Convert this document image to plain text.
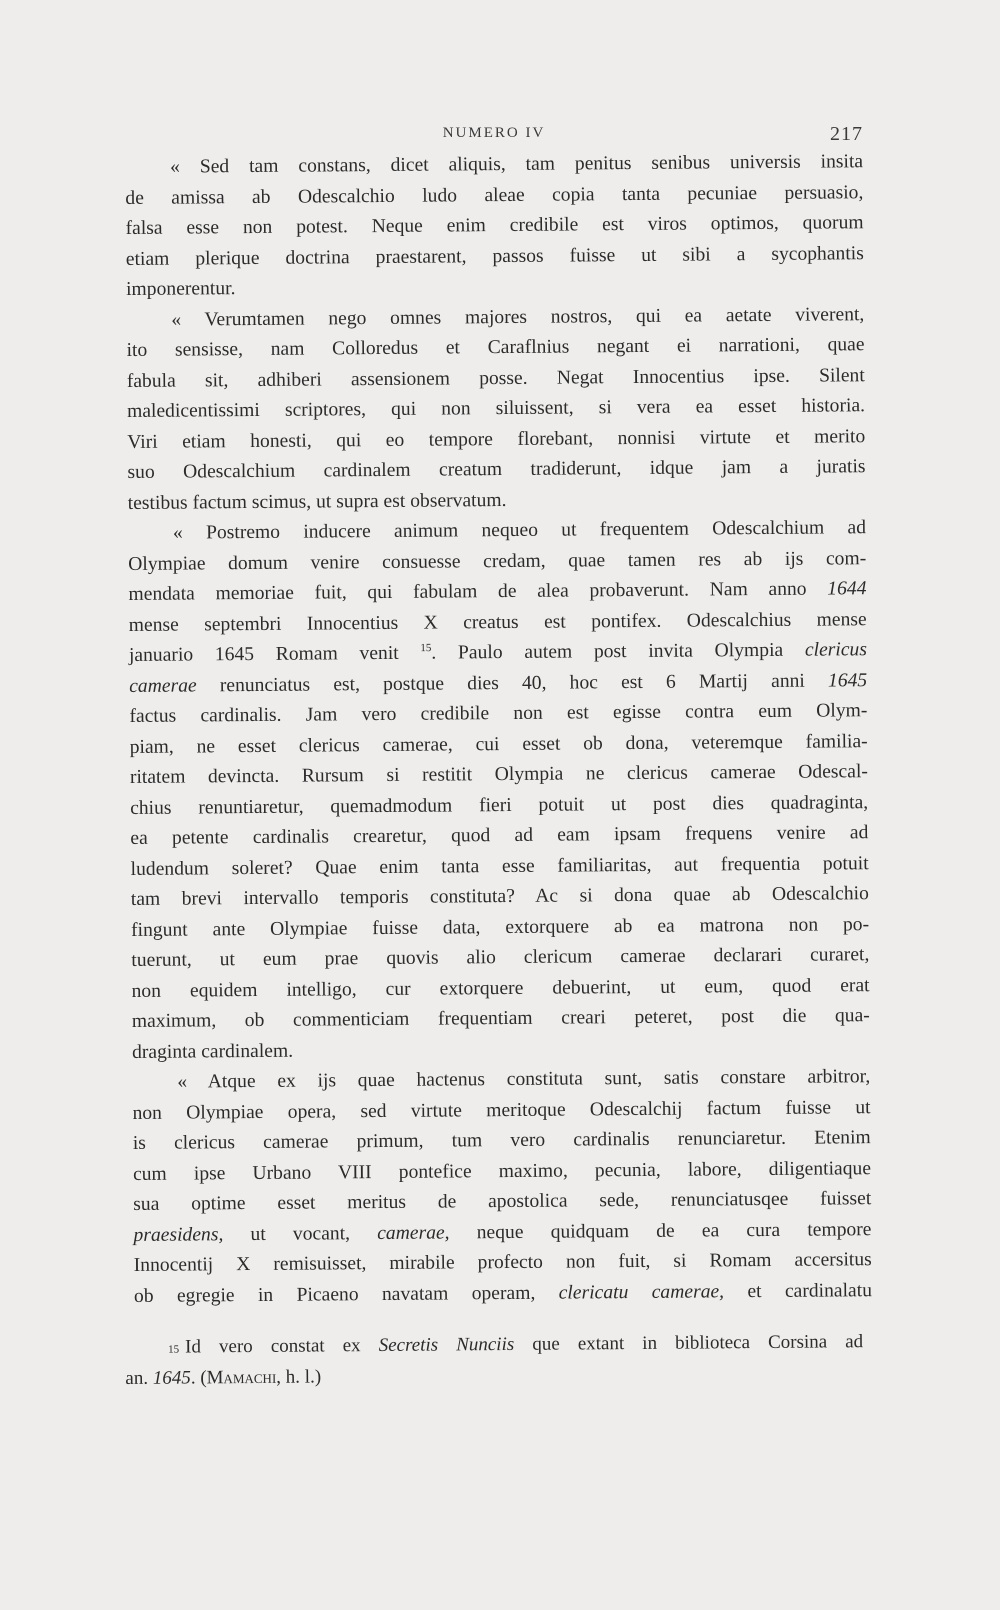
NUMERO IV	217
« Sed tam constans, dicet aliquis, tam penitus senibus universis insita
de amissa ab Odescalchio ludo aleae copia tanta pecuniae persuasio,
falsa esse non potest. Neque enim credibile est viros optimos, quorum
etiam plerique doctrina praestarent, passos fuisse ut sibi a sycophantis
imponerentur.
« Verumtamen nego omnes majores nostros, qui ea aetate viverent,
ito sensisse, nam Colloredus et Caraflnius negant ei narrationi, quae
fabula sit, adhiberi assensionem posse. Negat Innocentius ipse. Silent
maledicentissimi scriptores, qui non siluissent, si vera ea esset historia.
Viri etiam honesti, qui eo tempore florebant, nonnisi virtute et merito
suo Odescalchium cardinalem creatum tradiderunt, idque jam a juratis
testibus factum scimus, ut supra est observatum.
« Postremo inducere animum nequeo ut frequentem Odescalchium ad
Olympiae domum venire consuesse credam, quae tamen res ab ijs com-
mendata memoriae fuit, qui fabulam de alea probaverunt. Nam anno 1644
mense septembri Innocentius X creatus est pontifex. Odescalchius mense
januario 1645 Romam venit $^{15}$. Paulo autem post invita Olympia clericus
camerae renunciatus est, postque dies 40, hoc est 6 Martij anni 1645
factus cardinalis. Jam vero credibile non est egisse contra eum Olym-
piam, ne esset clericus camerae, cui esset ob dona, veteremque familia-
ritatem devincta. Rursum si restitit Olympia ne clericus camerae Odescal-
chius renuntiaretur, quemadmodum fieri potuit ut post dies quadraginta,
ea petente cardinalis crearetur, quod ad eam ipsam frequens venire ad
ludendum soleret? Quae enim tanta esse familiaritas, aut frequentia potuit
tam brevi intervallo temporis constituta? Ac si dona quae ab Odescalchio
fingunt ante Olympiae fuisse data, extorquere ab ea matrona non po-
tuerunt, ut eum prae quovis alio clericum camerae declarari curaret,
non equidem intelligo, cur extorquere debuerint, ut eum, quod erat
maximum, ob commenticiam frequentiam creari peteret, post die qua-
draginta cardinalem.
« Atque ex ijs quae hactenus constituta sunt, satis constare arbitror,
non Olympiae opera, sed virtute meritoque Odescalchij factum fuisse ut
is clericus camerae primum, tum vero cardinalis renunciaretur. Etenim
cum ipse Urbano VIII pontefice maximo, pecunia, labore, diligentiaque
sua optime esset meritus de apostolica sede, renunciatusqee fuisset
praesidens, ut vocant, camerae, neque quidquam de ea cura tempore
Innocentij X remisuisset, mirabile profecto non fuit, si Romam accersitus
ob egregie in Picaeno navatam operam, clericatu camerae, et cardinalatu
15 Id vero constat ex Secretis Nunciis que extant in biblioteca Corsina ad
an. 1645. (Mamachi, h. l.)
